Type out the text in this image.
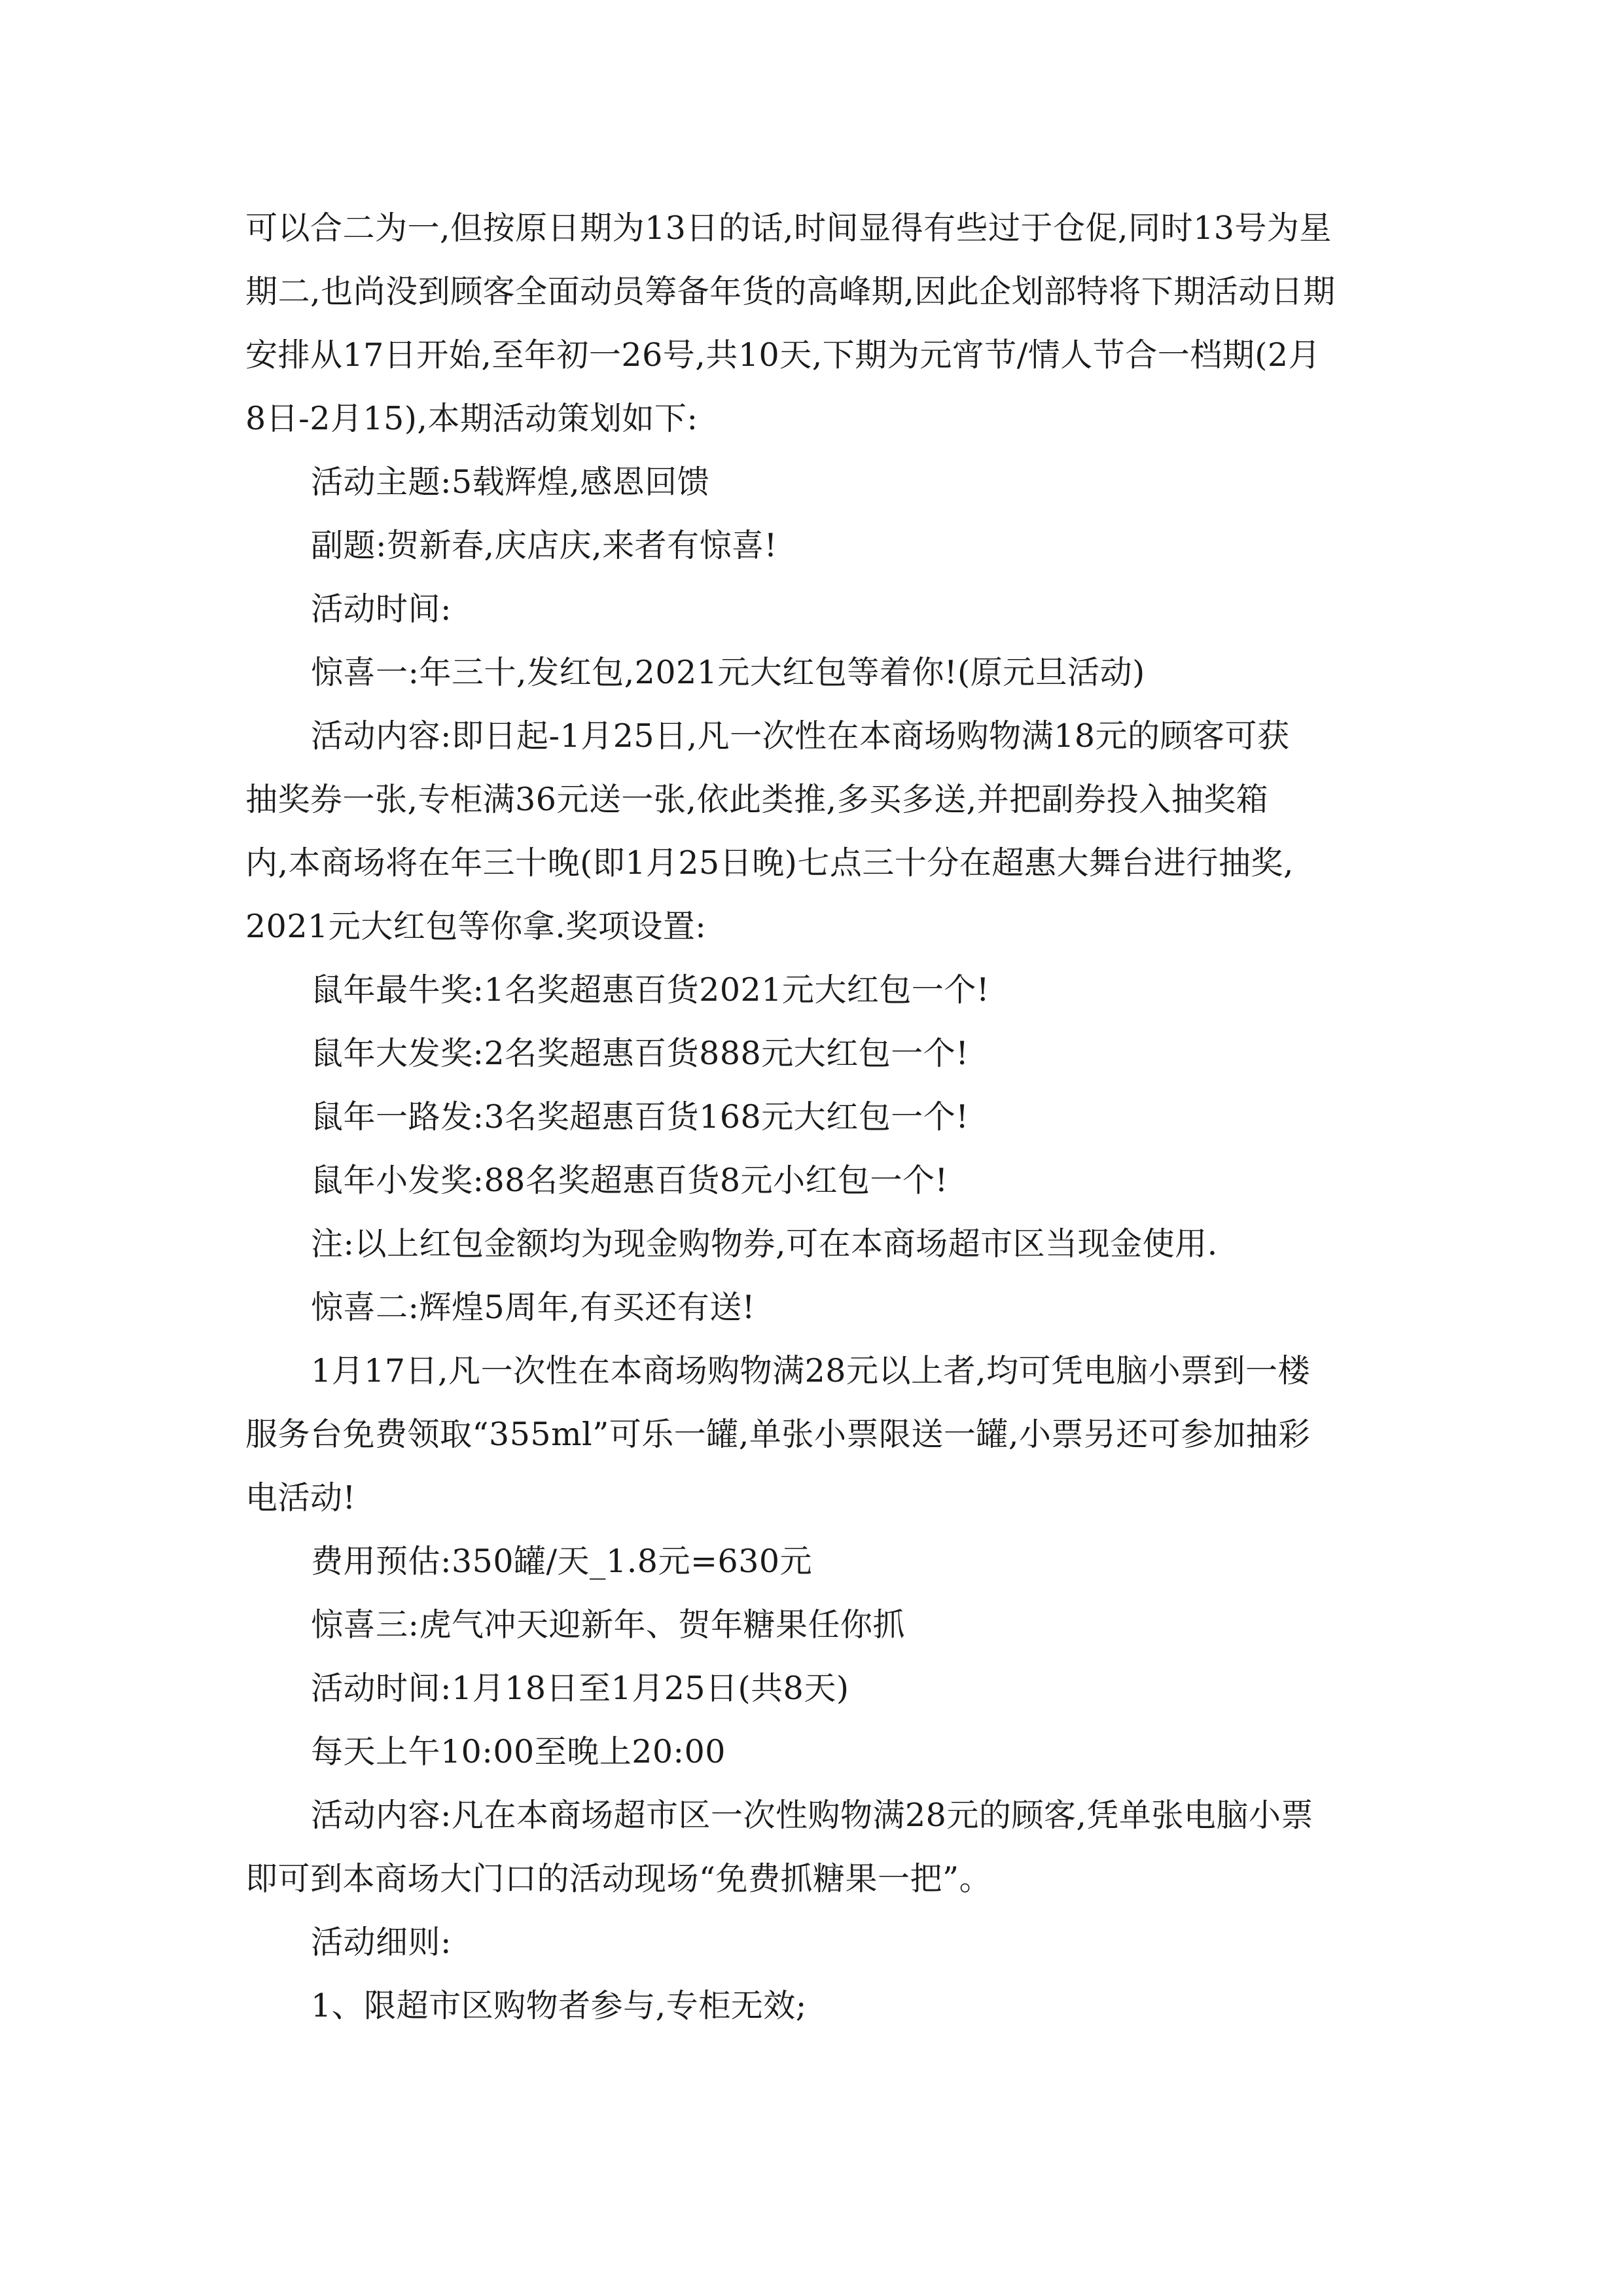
可以合二为一,但按原日期为13日的话,时间显得有些过于仓促,同时13号为星
期二,也尚没到顾客全面动员筹备年货的高峰期,因此企划部特将下期活动日期
安排从17日开始,至年初一26号,共10天,下期为元宵节/情人节合一档期(2月
8日-2月15),本期活动策划如下:
活动主题:5载辉煌,感恩回馈
副题:贺新春,庆店庆,来者有惊喜!
活动时间:
惊喜一:年三十,发红包,2021元大红包等着你!(原元旦活动)
活动内容:即日起-1月25日,凡一次性在本商场购物满18元的顾客可获
抽奖券一张,专柜满36元送一张,依此类推,多买多送,并把副券投入抽奖箱
内,本商场将在年三十晚(即1月25日晚)七点三十分在超惠大舞台进行抽奖,
2021元大红包等你拿.奖项设置:
鼠年最牛奖:1名奖超惠百货2021元大红包一个!
鼠年大发奖:2名奖超惠百货888元大红包一个!
鼠年一路发:3名奖超惠百货168元大红包一个!
鼠年小发奖:88名奖超惠百货8元小红包一个!
注:以上红包金额均为现金购物券,可在本商场超市区当现金使用.
惊喜二:辉煌5周年,有买还有送!
1月17日,凡一次性在本商场购物满28元以上者,均可凭电脑小票到一楼
服务台免费领取“355ml”可乐一罐,单张小票限送一罐,小票另还可参加抽彩
电活动!
费用预估:350罐/天_1.8元=630元
惊喜三:虎气冲天迎新年、贺年糖果任你抓
活动时间:1月18日至1月25日(共8天)
每天上午10:00至晚上20:00
活动内容:凡在本商场超市区一次性购物满28元的顾客,凭单张电脑小票
即可到本商场大门口的活动现场“免费抓糖果一把”。
活动细则:
1、限超市区购物者参与,专柜无效;
